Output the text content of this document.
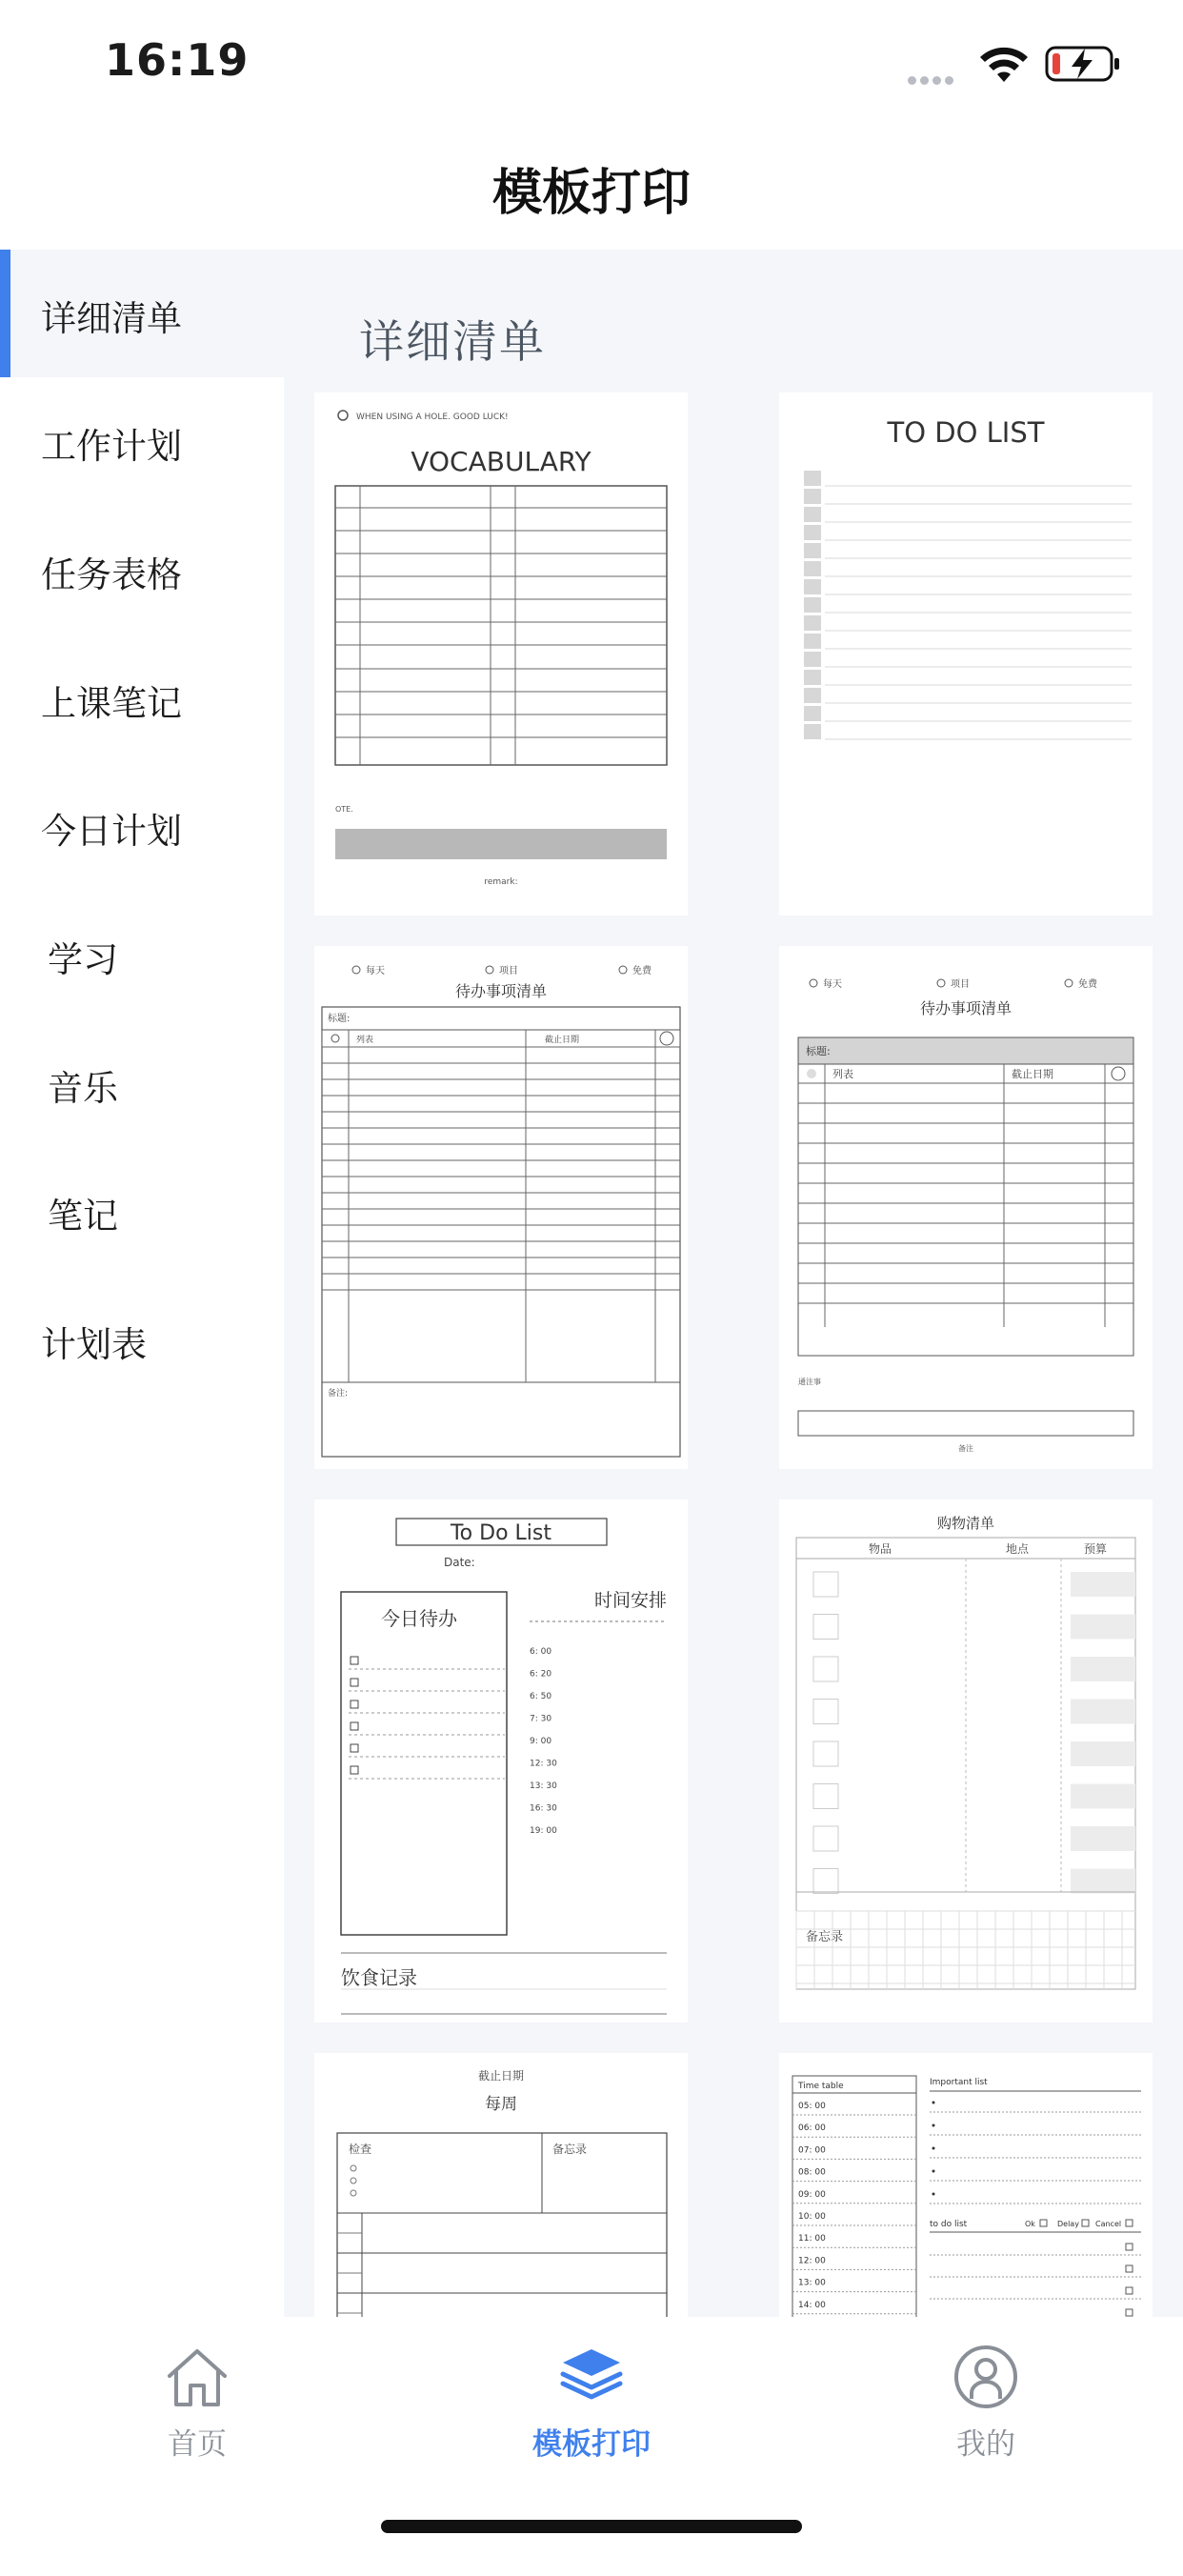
16:19
模板打印
详细清单
工作计划
任务表格
上课笔记
今日计划
学习
音乐
笔记
计划表
详细清单
WHEN USING A HOLE. GOOD LUCK!
VOCABULARY
OTE.
remark:
TO DO LIST
每天	项目	免费
待办事项清单
标题:
列表	截止日期
备注:
每天	项目	免费
待办事项清单
标题:
列表	截止日期
通注事
备注
To Do List
Date:
今日待办
时间安排
6: 00
6: 20
6: 50
7: 30
9: 00
12: 30
13: 30
16: 30
19: 00
饮食记录
购物清单
物品	地点	预算
备忘录
截止日期
每周
检查	备忘录
Time table
05: 00
06: 00
07: 00
08: 00
09: 00
10: 00
11: 00
12: 00
13: 00
14: 00
Important list
to do list	Ok	Delay Cancel
首页	模板打印	我的
